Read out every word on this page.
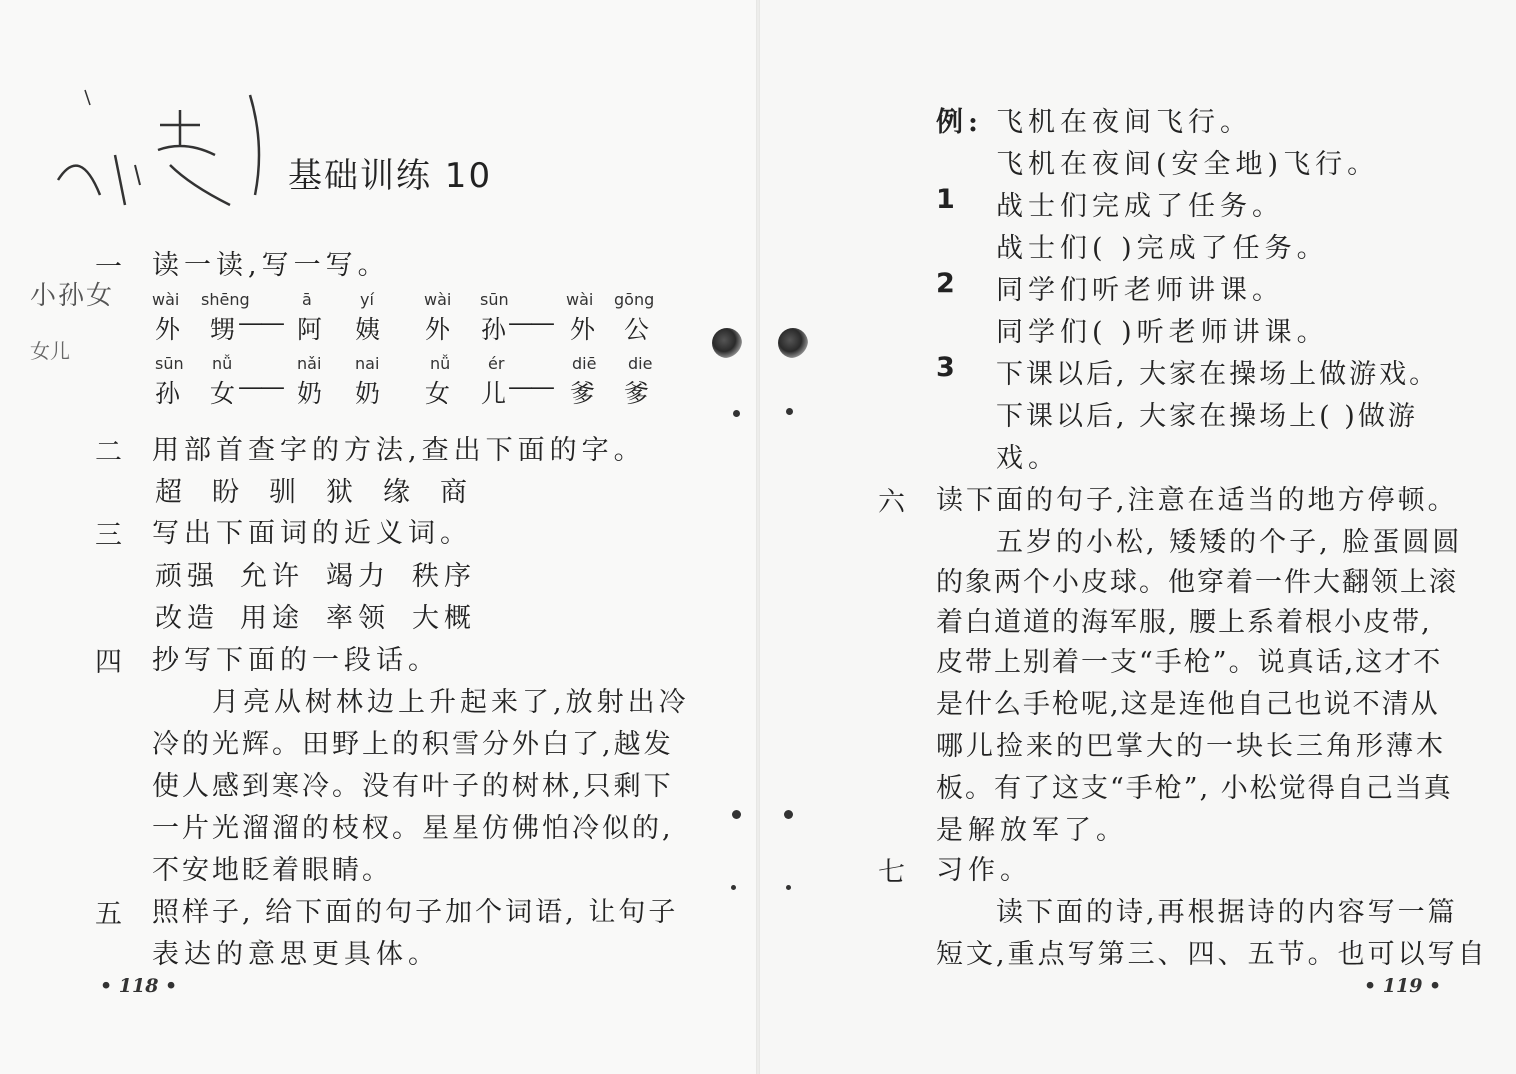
小孙女
女儿
基础训练 10
一 读一读,写一写。
wài shēng	ā	yí	wài sūn	wài gōng
外 甥 —— 阿 姨 外 孙 —— 外 公
sūn nǚ	nǎi nai	nǚ ér	diē die
孙 女 —— 奶 奶 女 儿 —— 爹 爹
二 用部首查字的方法,查出下面的字。
超 盼 驯 狱 缘 商
三 写出下面词的近义词。
顽强 允许 竭力 秩序
改造 用途 率领 大概
四 抄写下面的一段话。
月亮从树林边上升起来了,放射出冷
冷的光辉。田野上的积雪分外白了,越发
使人感到寒冷。没有叶子的树林,只剩下
一片光溜溜的枝杈。星星仿佛怕冷似的,
不安地眨着眼睛。
五 照样子, 给下面的句子加个词语, 让句子
表达的意思更具体。
• 118 •
例: 飞机在夜间飞行。
飞机在夜间(安全地)飞行。
1 战士们完成了任务。
战士们( )完成了任务。
2 同学们听老师讲课。
同学们( )听老师讲课。
3 下课以后, 大家在操场上做游戏。
下课以后, 大家在操场上( )做游
戏。
六 读下面的句子,注意在适当的地方停顿。
五岁的小松, 矮矮的个子, 脸蛋圆圆
的象两个小皮球。他穿着一件大翻领上滚
着白道道的海军服, 腰上系着根小皮带,
皮带上别着一支“手枪”。说真话,这才不
是什么手枪呢,这是连他自己也说不清从
哪儿捡来的巴掌大的一块长三角形薄木
板。有了这支“手枪”, 小松觉得自己当真
是解放军了。
七 习作。
读下面的诗,再根据诗的内容写一篇
短文,重点写第三、四、五节。也可以写自
• 119 •
